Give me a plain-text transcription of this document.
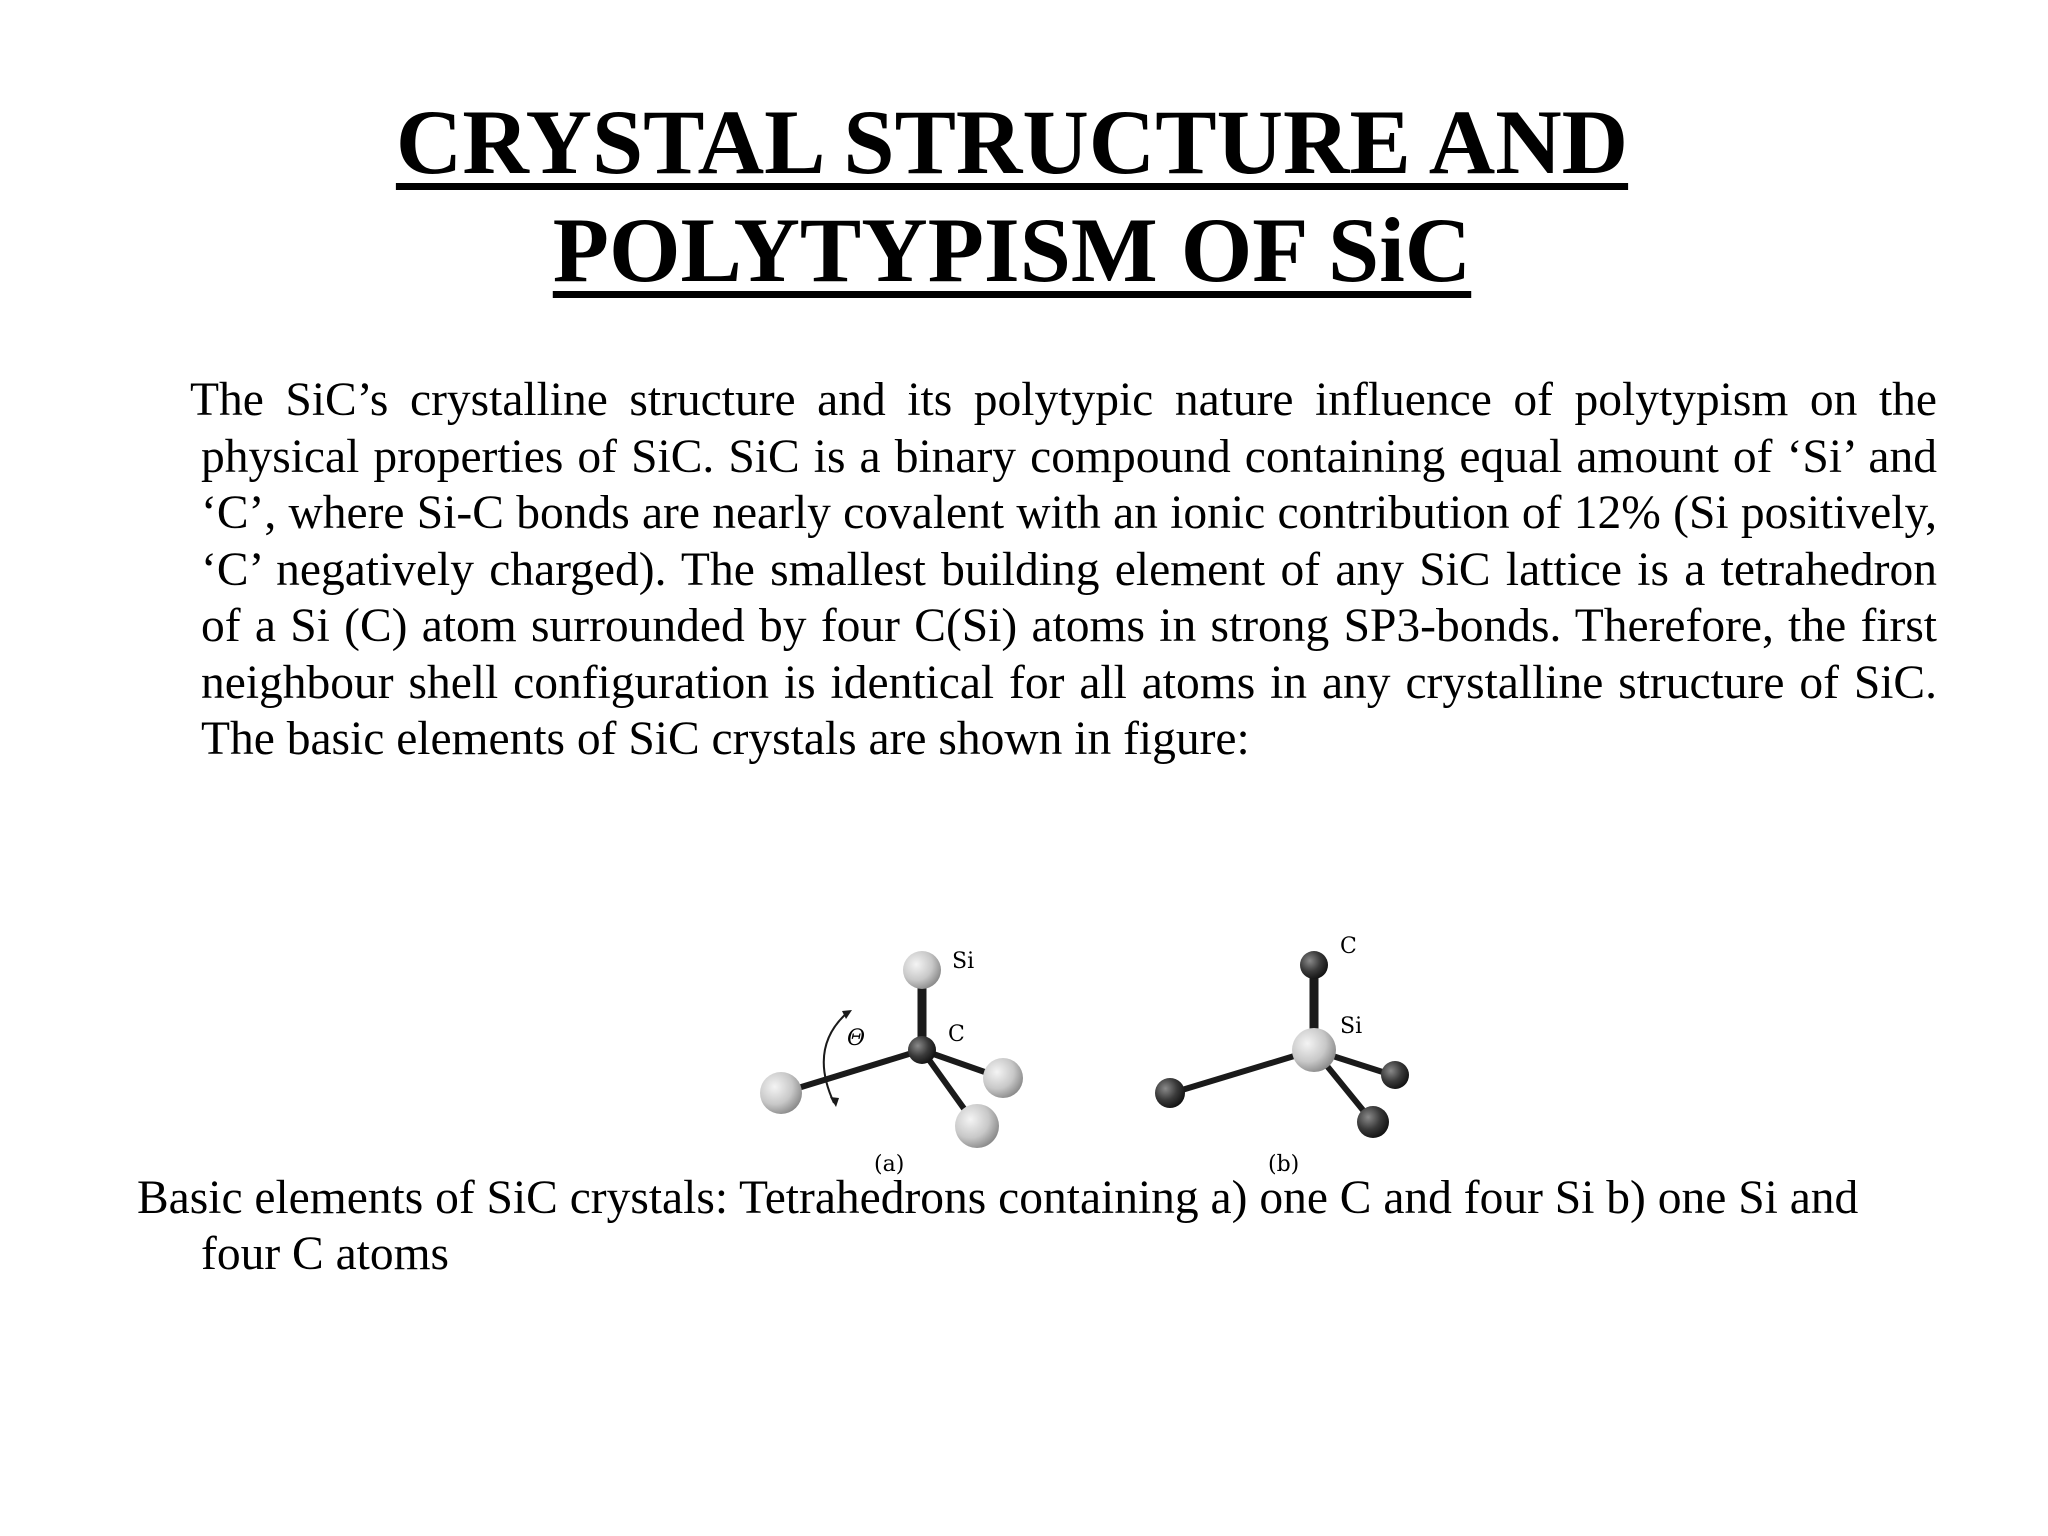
CRYSTAL STRUCTURE AND
POLYTYPISM OF SiC

The SiC’s crystalline structure and its polytypic nature influence of polytypism on the physical properties of SiC. SiC is a binary compound containing equal amount of ‘Si’ and ‘C’, where Si-C bonds are nearly covalent with an ionic contribution of 12% (Si positively, ‘C’ negatively charged). The smallest building element of any SiC lattice is a tetrahedron of a Si (C) atom surrounded by four C(Si) atoms in strong SP3-bonds. Therefore, the first neighbour shell configuration is identical for all atoms in any crystalline structure of SiC. The basic elements of SiC crystals are shown in figure:

Si
C
Θ
(a)
C
Si
(b)

Basic elements of SiC crystals: Tetrahedrons containing a) one C and four Si b) one Si and four C atoms
